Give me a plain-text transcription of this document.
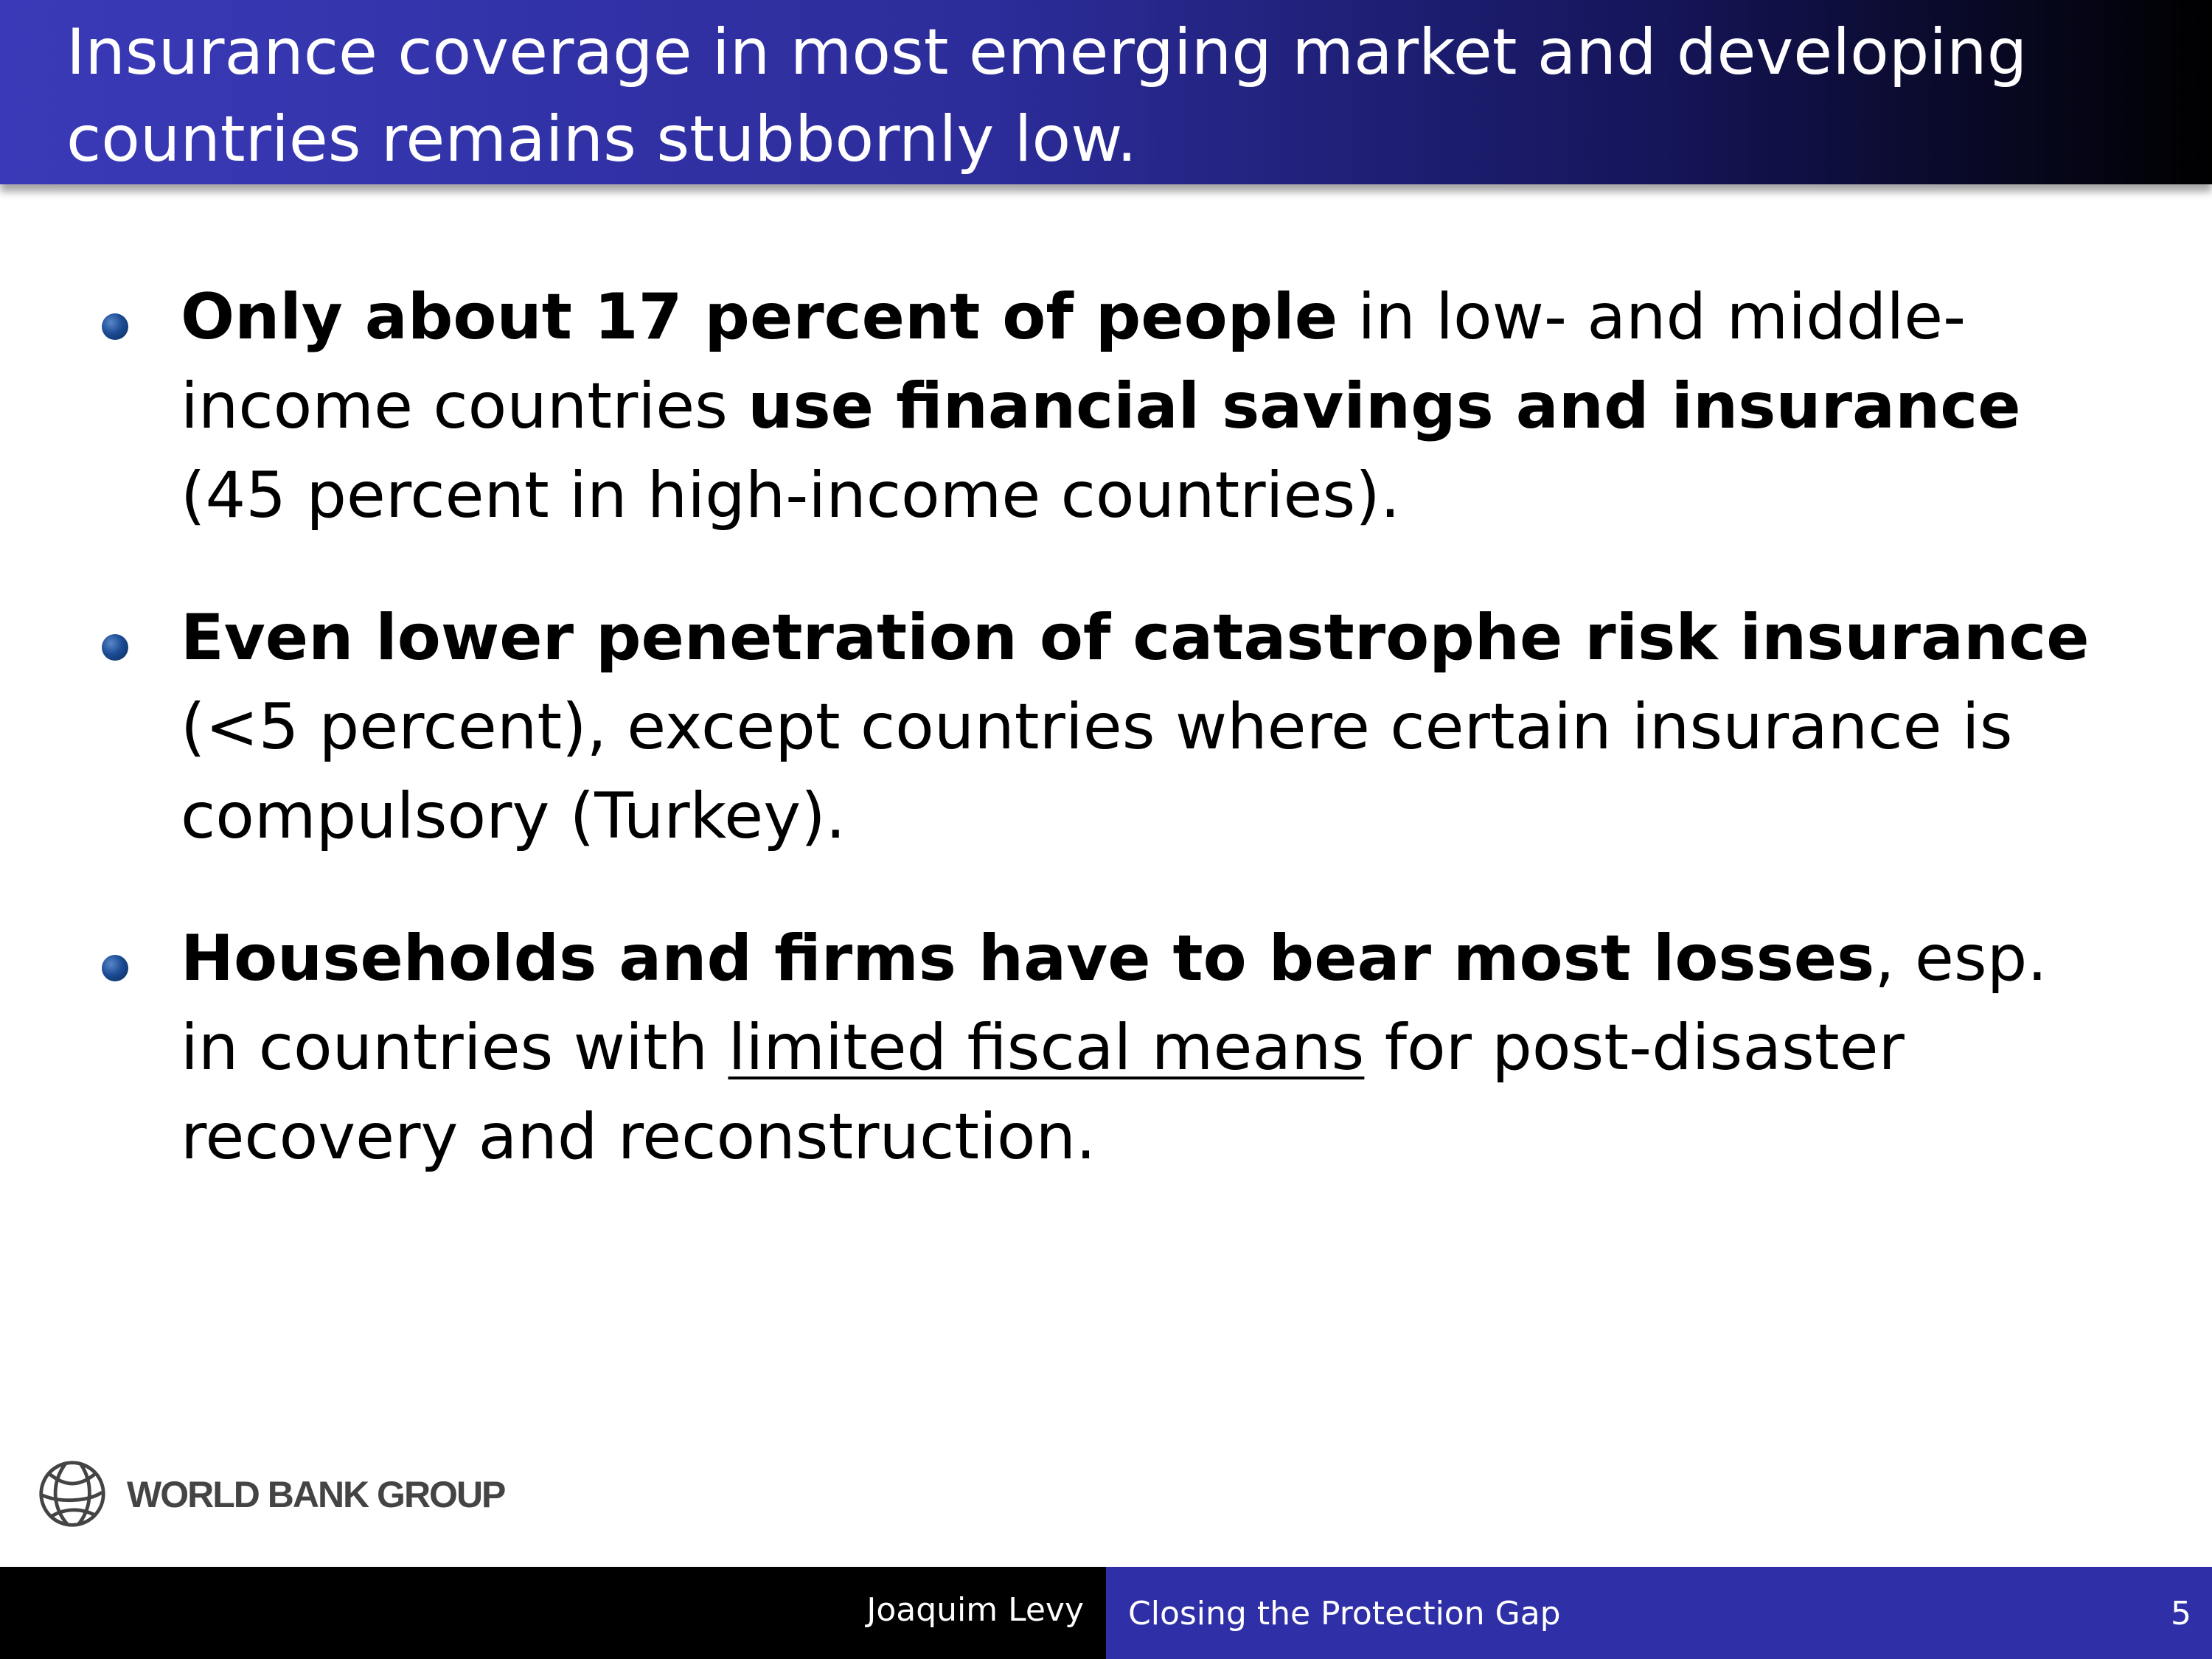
Insurance coverage in most emerging market and developing countries remains stubbornly low.
Only about 17 percent of people in low- and middle-income countries use financial savings and insurance (45 percent in high-income countries).
Even lower penetration of catastrophe risk insurance (<5 percent), except countries where certain insurance is compulsory (Turkey).
Households and firms have to bear most losses, esp. in countries with limited fiscal means for post-disaster recovery and reconstruction.
WORLD BANK GROUP
Joaquim Levy Closing the Protection Gap	5
